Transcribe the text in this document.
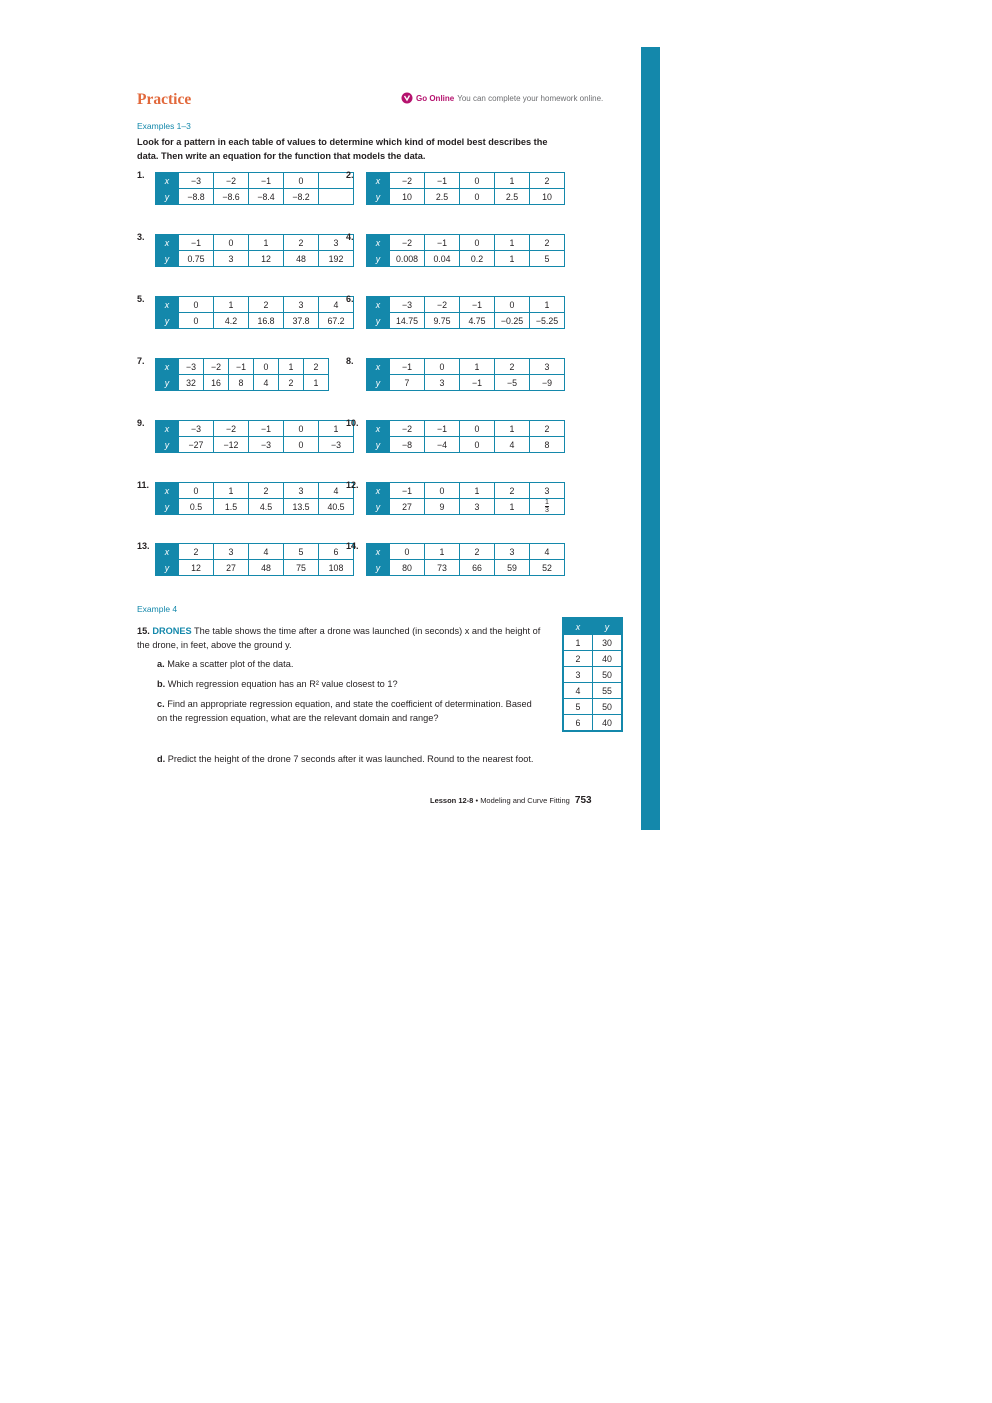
Practice	Go Online You can complete your homework online.
Examples 1–3
Look for a pattern in each table of values to determine which kind of model best describes the data. Then write an equation for the function that models the data.
1.
x	−3	−2	−1	0	
y	−8.8	−8.6	−8.4	−8.2	
2.
x	−2	−1	0	1	2
y	10	2.5	0	2.5	10
3.
x	−1	0	1	2	3
y	0.75	3	12	48	192
4.
x	−2	−1	0	1	2
y	0.008	0.04	0.2	1	5
5.
x	0	1	2	3	4
y	0	4.2	16.8	37.8	67.2
6.
x	−3	−2	−1	0	1
y	14.75	9.75	4.75	−0.25	−5.25
7.
x	−3	−2	−1	0	1	2
y	32	16	8	4	2	1
8.
x	−1	0	1	2	3
y	7	3	−1	−5	−9
9.
x	−3	−2	−1	0	1
y	−27	−12	−3	0	−3
10.
x	−2	−1	0	1	2
y	−8	−4	0	4	8
11.
x	0	1	2	3	4
y	0.5	1.5	4.5	13.5	40.5
12.
x	−1	0	1	2	3
y	27	9	3	1	$\frac{1}{3}$
13.
x	2	3	4	5	6
y	12	27	48	75	108
14.
x	0	1	2	3	4
y	80	73	66	59	52
Example 4
15. DRONES The table shows the time after a drone was launched (in seconds) x and the height of the drone, in feet, above the ground y.
a. Make a scatter plot of the data.
b. Which regression equation has an R² value closest to 1?
c. Find an appropriate regression equation, and state the coefficient of determination. Based on the regression equation, what are the relevant domain and range?
d. Predict the height of the drone 7 seconds after it was launched. Round to the nearest foot.
x	y
1	30
2	40
3	50
4	55
5	50
6	40
Lesson 12-8 • Modeling and Curve Fitting 753
